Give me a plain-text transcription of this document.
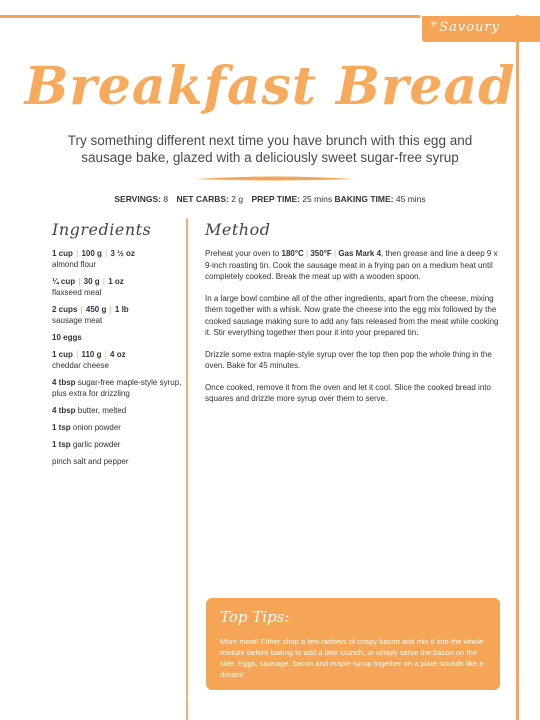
✳ Savoury
Breakfast Bread
Try something different next time you have brunch with this egg and sausage bake, glazed with a deliciously sweet sugar-free syrup
SERVINGS: 8 NET CARBS: 2 g PREP TIME: 25 mins BAKING TIME: 45 mins
Ingredients	Method
1 cup | 100 g | 3 ½ oz
almond flour
¼ cup | 30 g | 1 oz
flaxseed meal
2 cups | 450 g | 1 lb
sausage meat
10 eggs
1 cup | 110 g | 4 oz
cheddar cheese
4 tbsp sugar-free maple-style syrup, plus extra for drizzling
4 tbsp butter, melted
1 tsp onion powder
1 tsp garlic powder
pinch salt and pepper

Preheat your oven to 180°C | 350°F | Gas Mark 4, then grease and line a deep 9 x 9-inch roasting tin. Cook the sausage meat in a frying pan on a medium heat until completely cooked. Break the meat up with a wooden spoon.

In a large bowl combine all of the other ingredients, apart from the cheese, mixing them together with a whisk. Now grate the cheese into the egg mix followed by the cooked sausage making sure to add any fats released from the meat while cooking it. Stir everything together then pour it into your prepared tin.

Drizzle some extra maple-style syrup over the top then pop the whole thing in the oven. Bake for 45 minutes.

Once cooked, remove it from the oven and let it cool. Slice the cooked bread into squares and drizzle more syrup over them to serve.

Top Tips:
More meat! Either chop a few rashers of crispy bacon and mix it into the whole mixture before baking to add a little crunch, or simply serve the bacon on the side. Eggs, sausage, bacon and maple syrup together on a plate sounds like a dream!
